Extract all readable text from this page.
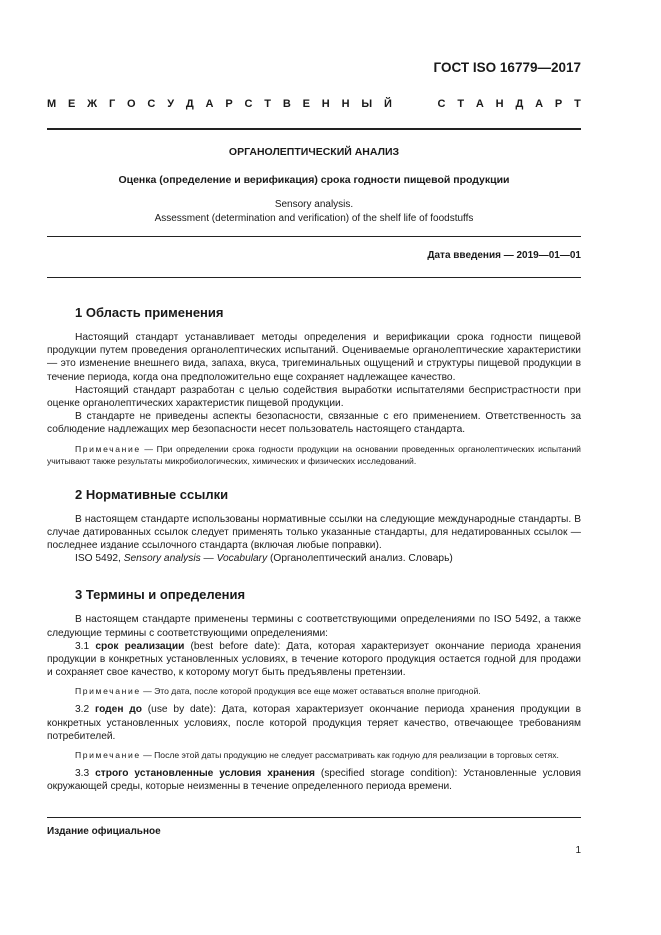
ГОСТ ISO 16779—2017
М Е Ж Г О С У Д А Р С Т В Е Н Н Ы Й	С Т А Н Д А Р Т
ОРГАНОЛЕПТИЧЕСКИЙ АНАЛИЗ
Оценка (определение и верификация) срока годности пищевой продукции
Sensory analysis.
Assessment (determination and verification) of the shelf life of foodstuffs
Дата введения — 2019—01—01
1 Область применения

Настоящий стандарт устанавливает методы определения и верификации срока годности пищевой продукции путем проведения органолептических испытаний. Оцениваемые органолептические характеристики — это изменение внешнего вида, запаха, вкуса, тригеминальных ощущений и структуры пищевой продукции в течение периода, когда она предположительно еще сохраняет надлежащее качество.

Настоящий стандарт разработан с целью содействия выработки испытателями беспристрастности при оценке органолептических характеристик пищевой продукции.

В стандарте не приведены аспекты безопасности, связанные с его применением. Ответственность за соблюдение надлежащих мер безопасности несет пользователь настоящего стандарта.

Примечание — При определении срока годности продукции на основании проведенных органолептических испытаний учитывают также результаты микробиологических, химических и физических исследований.

2 Нормативные ссылки

В настоящем стандарте использованы нормативные ссылки на следующие международные стандарты. В случае датированных ссылок следует применять только указанные стандарты, для недатированных ссылок — последнее издание ссылочного стандарта (включая любые поправки).

ISO 5492, Sensory analysis — Vocabulary (Органолептический анализ. Словарь)

3 Термины и определения

В настоящем стандарте применены термины с соответствующими определениями по ISO 5492, а также следующие термины с соответствующими определениями:

3.1 срок реализации (best before date): Дата, которая характеризует окончание периода хранения продукции в конкретных установленных условиях, в течение которого продукция остается годной для продажи и сохраняет свое качество, к которому могут быть предъявлены претензии.

Примечание — Это дата, после которой продукция все еще может оставаться вполне пригодной.

3.2 годен до (use by date): Дата, которая характеризует окончание периода хранения продукции в конкретных установленных условиях, после которой продукция теряет качество, отвечающее требованиям потребителей.

Примечание — После этой даты продукцию не следует рассматривать как годную для реализации в торговых сетях.

3.3 строго установленные условия хранения (specified storage condition): Установленные условия окружающей среды, которые неизменны в течение определенного периода времени.

Издание официальное
1
